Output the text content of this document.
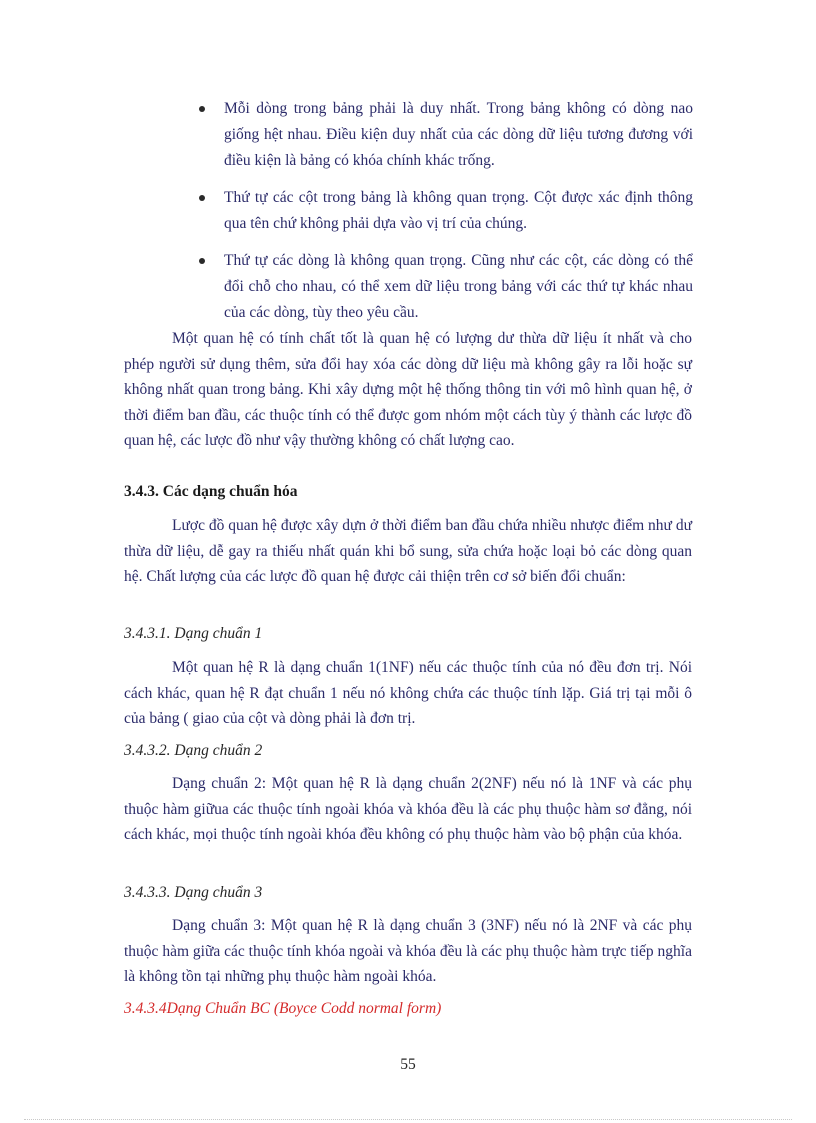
Mỗi dòng trong bảng phải là duy nhất. Trong bảng không có dòng nao giống hệt nhau. Điều kiện duy nhất của các dòng dữ liệu tương đương với điều kiện là bảng có khóa chính khác trống.
Thứ tự các cột trong bảng là không quan trọng. Cột được xác định thông qua tên chứ không phải dựa vào vị trí của chúng.
Thứ tự các dòng là không quan trọng. Cũng như các cột, các dòng có thể đổi chỗ cho nhau, có thể xem dữ liệu trong bảng với các thứ tự khác nhau của các dòng, tùy theo yêu cầu.

Một quan hệ có tính chất tốt là quan hệ có lượng dư thừa dữ liệu ít nhất và cho phép người sử dụng thêm, sửa đổi hay xóa các dòng dữ liệu mà không gây ra lỗi hoặc sự không nhất quan trong bảng. Khi xây dựng một hệ thống thông tin với mô hình quan hệ, ở thời điểm ban đầu, các thuộc tính có thể được gom nhóm một cách tùy ý thành các lược đồ quan hệ, các lược đồ như vậy thường không có chất lượng cao.

3.4.3. Các dạng chuẩn hóa

Lược đồ quan hệ được xây dựn ở thời điểm ban đầu chứa nhiều nhược điểm như dư thừa dữ liệu, dễ gay ra thiếu nhất quán khi bổ sung, sửa chứa hoặc loại bỏ các dòng quan hệ. Chất lượng của các lược đồ quan hệ được cải thiện trên cơ sở biến đổi chuẩn:

3.4.3.1. Dạng chuẩn 1

Một quan hệ R là dạng chuẩn 1(1NF) nếu các thuộc tính của nó đều đơn trị. Nói cách khác, quan hệ R đạt chuẩn 1 nếu nó không chứa các thuộc tính lặp. Giá trị tại mỗi ô của bảng ( giao của cột và dòng phải là đơn trị.

3.4.3.2. Dạng chuẩn 2

Dạng chuẩn 2: Một quan hệ R là dạng chuẩn 2(2NF) nếu nó là 1NF và các phụ thuộc hàm giữua các thuộc tính ngoài khóa và khóa đều là các phụ thuộc hàm sơ đẳng, nói cách khác, mọi thuộc tính ngoài khóa đều không có phụ thuộc hàm vào bộ phận của khóa.

3.4.3.3. Dạng chuẩn 3

Dạng chuẩn 3: Một quan hệ R là dạng chuẩn 3 (3NF) nếu nó là 2NF và các phụ thuộc hàm giữa các thuộc tính khóa ngoài và khóa đều là các phụ thuộc hàm trực tiếp nghĩa là không tồn tại những phụ thuộc hàm ngoài khóa.

3.4.3.4Dạng Chuẩn BC (Boyce Codd normal form)

55
